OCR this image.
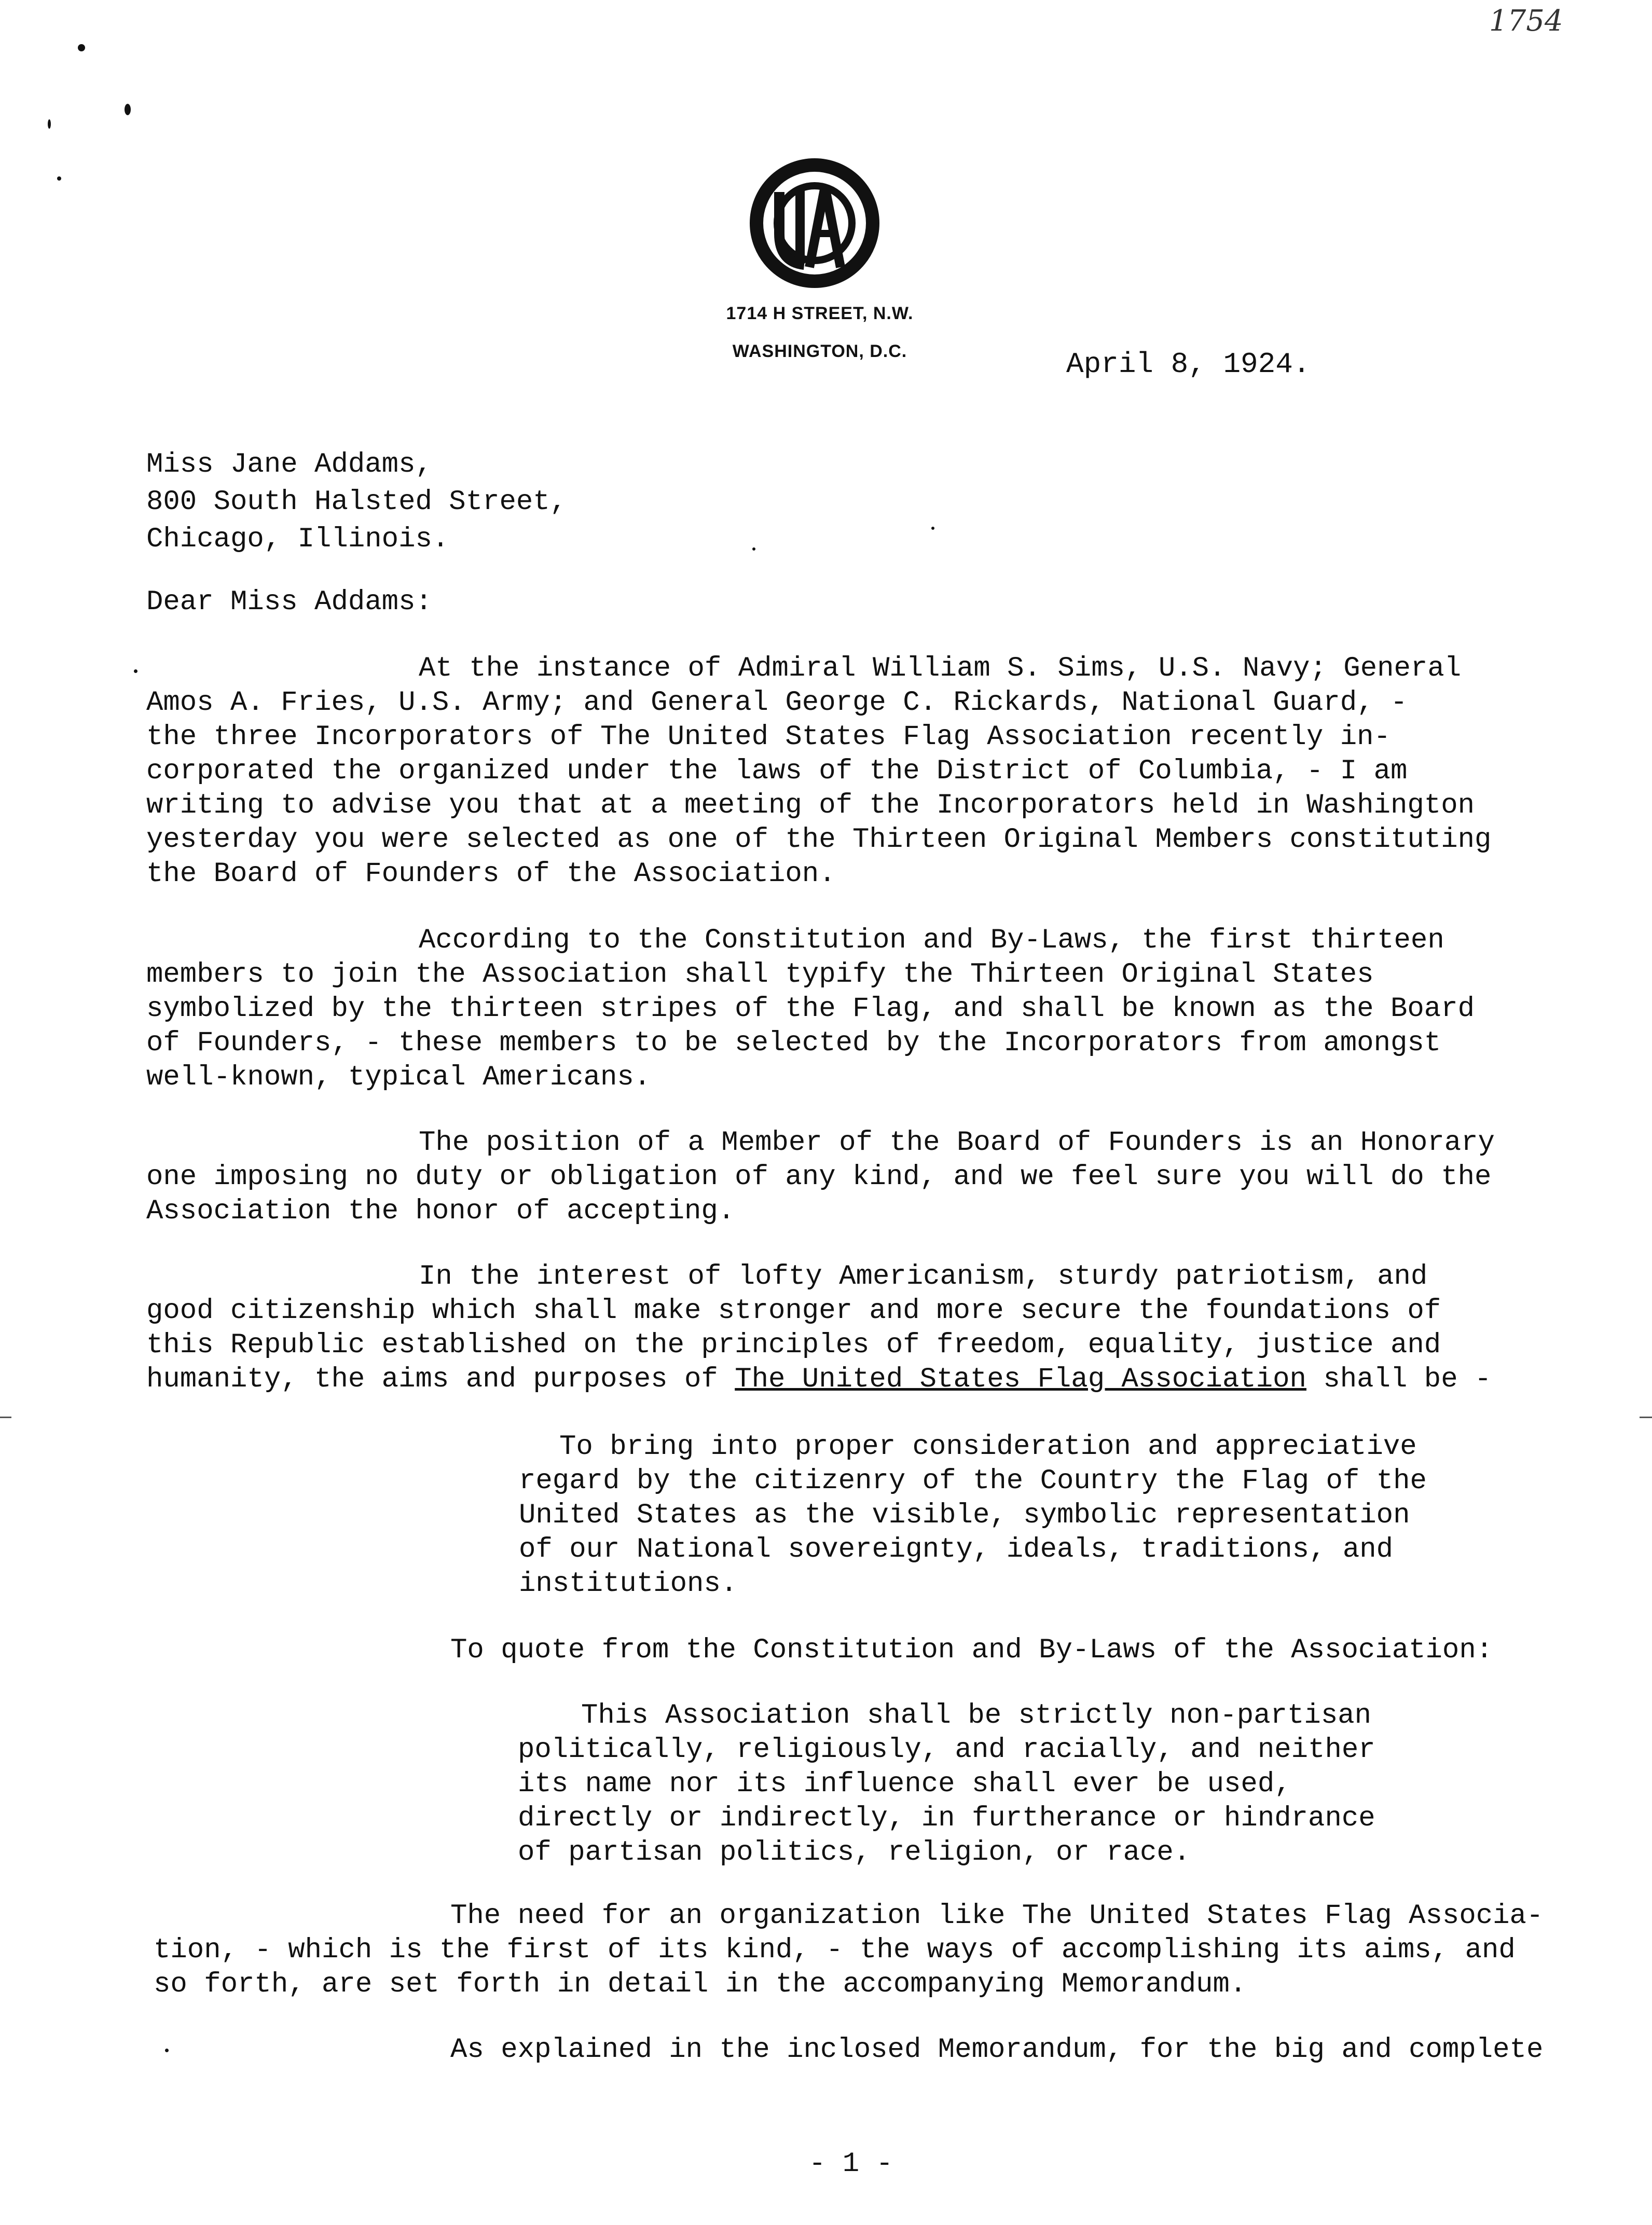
1754
1714 H STREET, N.W.
WASHINGTON, D.C.	April 8, 1924.
Miss Jane Addams,
800 South Halsted Street,
Chicago, Illinois.
Dear Miss Addams:
At the instance of Admiral William S. Sims, U.S. Navy; General
Amos A. Fries, U.S. Army; and General George C. Rickards, National Guard, -
the three Incorporators of The United States Flag Association recently in-
corporated the organized under the laws of the District of Columbia, - I am
writing to advise you that at a meeting of the Incorporators held in Washington
yesterday you were selected as one of the Thirteen Original Members constituting
the Board of Founders of the Association.
According to the Constitution and By-Laws, the first thirteen
members to join the Association shall typify the Thirteen Original States
symbolized by the thirteen stripes of the Flag, and shall be known as the Board
of Founders, - these members to be selected by the Incorporators from amongst
well-known, typical Americans.
The position of a Member of the Board of Founders is an Honorary
one imposing no duty or obligation of any kind, and we feel sure you will do the
Association the honor of accepting.
In the interest of lofty Americanism, sturdy patriotism, and
good citizenship which shall make stronger and more secure the foundations of
this Republic established on the principles of freedom, equality, justice and
humanity, the aims and purposes of The United States Flag Association shall be -
To bring into proper consideration and appreciative
regard by the citizenry of the Country the Flag of the
United States as the visible, symbolic representation
of our National sovereignty, ideals, traditions, and
institutions.
To quote from the Constitution and By-Laws of the Association:
This Association shall be strictly non-partisan
politically, religiously, and racially, and neither
its name nor its influence shall ever be used,
directly or indirectly, in furtherance or hindrance
of partisan politics, religion, or race.
The need for an organization like The United States Flag Associa-
tion, - which is the first of its kind, - the ways of accomplishing its aims, and
so forth, are set forth in detail in the accompanying Memorandum.
As explained in the inclosed Memorandum, for the big and complete
- 1 -
